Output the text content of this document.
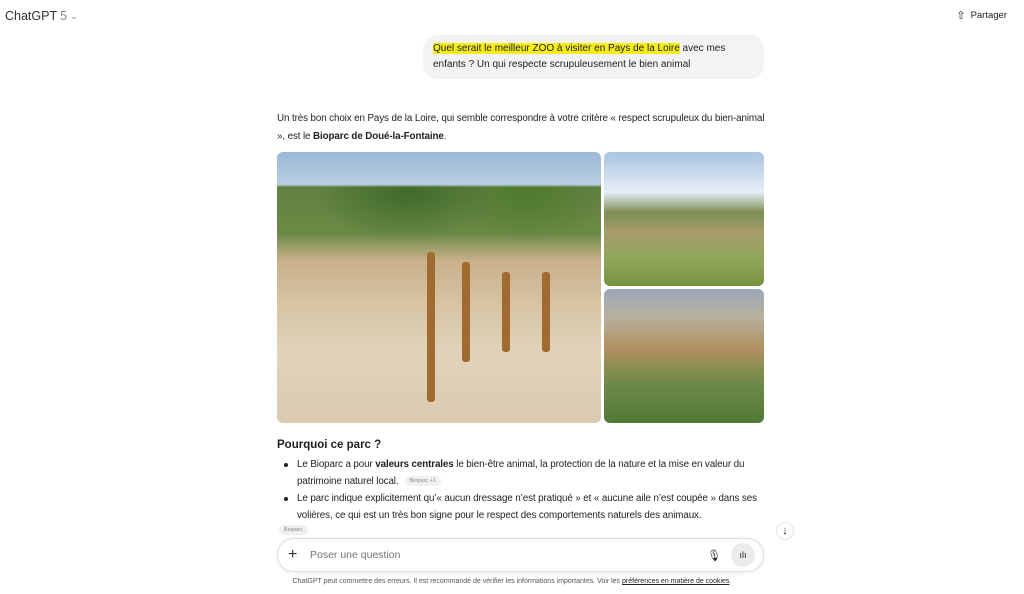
ChatGPT 5 ⌄	⇧ Partager
Quel serait le meilleur ZOO à visiter en Pays de la Loire avec mes enfants ? Un qui respecte scrupuleusement le bien animal
Un très bon choix en Pays de la Loire, qui semble correspondre à votre critère « respect scrupuleux du bien-animal », est le Bioparc de Doué-la-Fontaine.
Pourquoi ce parc ?
Le Bioparc a pour valeurs centrales le bien-être animal, la protection de la nature et la mise en valeur du patrimoine naturel local. Bioparc +1
Le parc indique explicitement qu’« aucun dressage n’est pratiqué » et « aucune aile n’est coupée » dans ses volières, ce qui est un très bon signe pour le respect des comportements naturels des animaux.
Bioparc
+
Poser une question	🎙	ılı
ChatGPT peut commettre des erreurs. Il est recommandé de vérifier les informations importantes. Voir les préférences en matière de cookies.
↓
